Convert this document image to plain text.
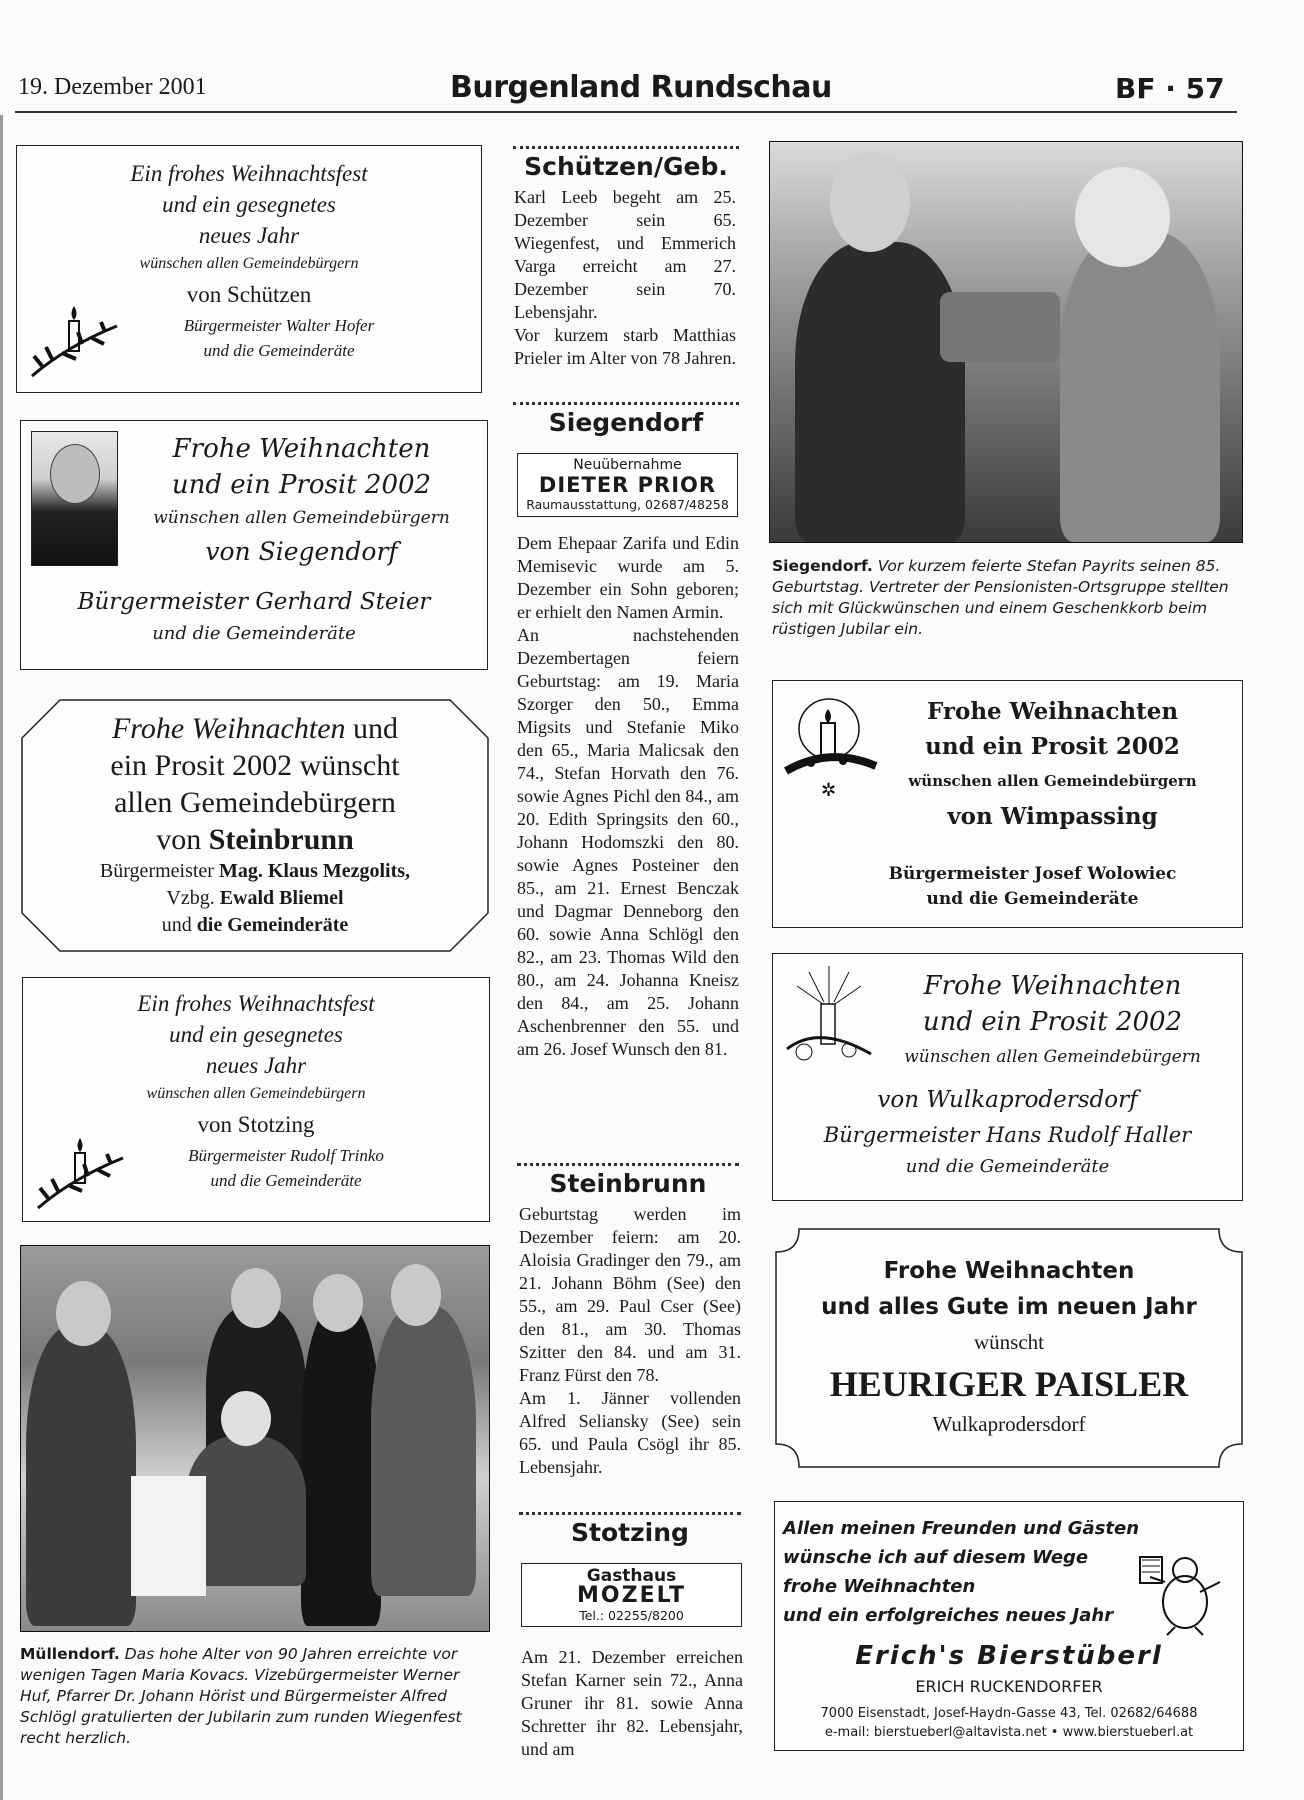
19. Dezember 2001	Burgenland Rundschau	BF · 57
Ein frohes Weihnachtsfest
und ein gesegnetes
neues Jahr
wünschen allen Gemeindebürgern
von Schützen
Bürgermeister Walter Hofer
und die Gemeinderäte
Frohe Weihnachten
und ein Prosit 2002
wünschen allen Gemeindebürgern
von Siegendorf
Bürgermeister Gerhard Steier
und die Gemeinderäte
Frohe Weihnachten und
ein Prosit 2002 wünscht
allen Gemeindebürgern
von Steinbrunn
Bürgermeister Mag. Klaus Mezgolits,
Vzbg. Ewald Bliemel
und die Gemeinderäte
Ein frohes Weihnachtsfest
und ein gesegnetes
neues Jahr
wünschen allen Gemeindebürgern
von Stotzing
Bürgermeister Rudolf Trinko
und die Gemeinderäte
Müllendorf. Das hohe Alter von 90 Jahren erreichte vor wenigen Tagen Maria Kovacs. Vizebürgermeister Werner Huf, Pfarrer Dr. Johann Hörist und Bürgermeister Alfred Schlögl gratulierten der Jubilarin zum runden Wiegenfest recht herzlich.
Schützen/Geb.

Karl Leeb begeht am 25. Dezember sein 65. Wiegenfest, und Emmerich Varga erreicht am 27. Dezember sein 70. Lebensjahr.

Vor kurzem starb Matthias Prieler im Alter von 78 Jahren.

Siegendorf
Neuübernahme
DIETER PRIOR
Raumausstattung, 02687/48258

Dem Ehepaar Zarifa und Edin Memisevic wurde am 5. Dezember ein Sohn geboren; er erhielt den Namen Armin.

An nachstehenden Dezembertagen feiern Geburtstag: am 19. Maria Szorger den 50., Emma Migsits und Stefanie Miko den 65., Maria Malicsak den 74., Stefan Horvath den 76. sowie Agnes Pichl den 84., am 20. Edith Springsits den 60., Johann Hodomszki den 80. sowie Agnes Posteiner den 85., am 21. Ernest Benczak und Dagmar Denneborg den 60. sowie Anna Schlögl den 82., am 23. Thomas Wild den 80., am 24. Johanna Kneisz den 84., am 25. Johann Aschenbrenner den 55. und am 26. Josef Wunsch den 81.

Steinbrunn

Geburtstag werden im Dezember feiern: am 20. Aloisia Gradinger den 79., am 21. Johann Böhm (See) den 55., am 29. Paul Cser (See) den 81., am 30. Thomas Szitter den 84. und am 31. Franz Fürst den 78.

Am 1. Jänner vollenden Alfred Seliansky (See) sein 65. und Paula Csögl ihr 85. Lebensjahr.

Stotzing
Gasthaus
MOZELT
Tel.: 02255/8200

Am 21. Dezember erreichen Stefan Karner sein 72., Anna Gruner ihr 81. sowie Anna Schretter ihr 82. Lebensjahr, und am

Siegendorf. Vor kurzem feierte Stefan Payrits seinen 85. Geburtstag. Vertreter der Pensionisten-Ortsgruppe stellten sich mit Glückwünschen und einem Geschenkkorb beim rüstigen Jubilar ein.
✲
Frohe Weihnachten
und ein Prosit 2002
wünschen allen Gemeindebürgern
von Wimpassing
Bürgermeister Josef Wolowiec
und die Gemeinderäte
Frohe Weihnachten
und ein Prosit 2002
wünschen allen Gemeindebürgern
von Wulkaprodersdorf
Bürgermeister Hans Rudolf Haller
und die Gemeinderäte
Frohe Weihnachten
und alles Gute im neuen Jahr
wünscht
HEURIGER PAISLER
Wulkaprodersdorf
Allen meinen Freunden und Gästen
wünsche ich auf diesem Wege
frohe Weihnachten
und ein erfolgreiches neues Jahr
Erich's Bierstüberl
ERICH RUCKENDORFER
7000 Eisenstadt, Josef-Haydn-Gasse 43, Tel. 02682/64688
e-mail: bierstueberl@altavista.net • www.bierstueberl.at
